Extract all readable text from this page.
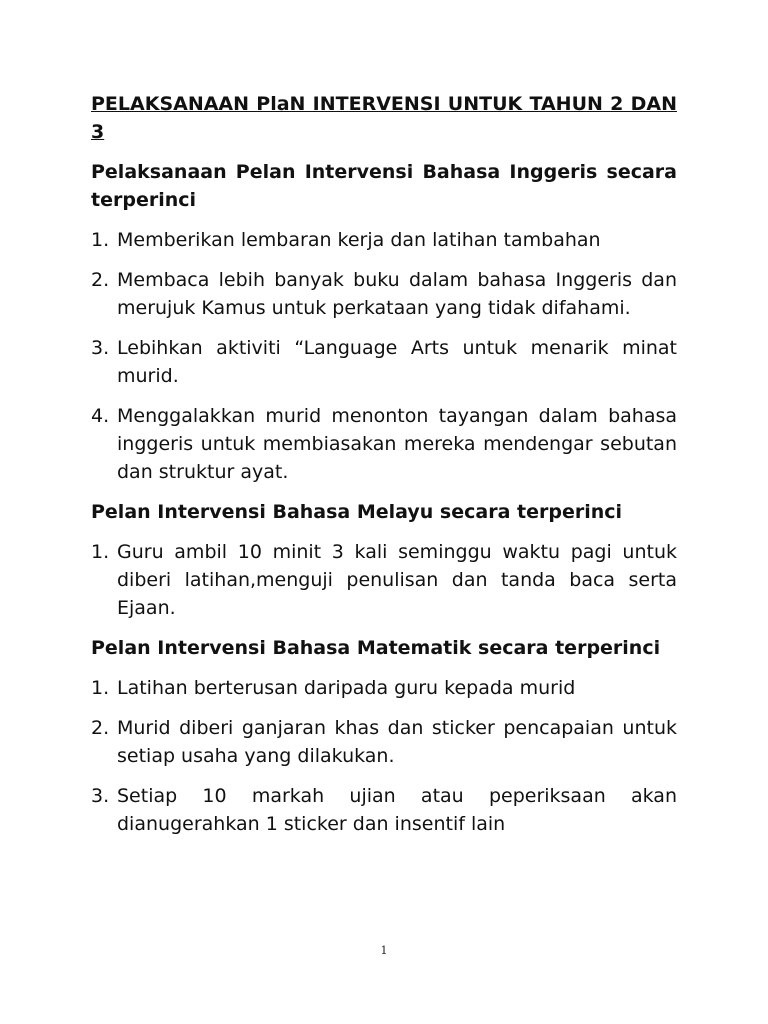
PELAKSANAAN PlaN INTERVENSI UNTUK TAHUN 2 DAN 3
Pelaksanaan Pelan Intervensi Bahasa Inggeris secara terperinci
1. Memberikan lembaran kerja dan latihan tambahan
2. Membaca lebih banyak buku dalam bahasa Inggeris dan merujuk Kamus untuk perkataan yang tidak difahami.
3. Lebihkan aktiviti “Language Arts untuk menarik minat murid.
4. Menggalakkan murid menonton tayangan dalam bahasa inggeris untuk membiasakan mereka mendengar sebutan dan struktur ayat.
Pelan Intervensi Bahasa Melayu secara terperinci
1. Guru ambil 10 minit 3 kali seminggu waktu pagi untuk diberi latihan,menguji penulisan dan tanda baca serta Ejaan.
Pelan Intervensi Bahasa Matematik secara terperinci
1. Latihan berterusan daripada guru kepada murid
2. Murid diberi ganjaran khas dan sticker pencapaian untuk setiap usaha yang dilakukan.
3. Setiap 10 markah ujian atau peperiksaan akan dianugerahkan 1 sticker dan insentif lain
1
